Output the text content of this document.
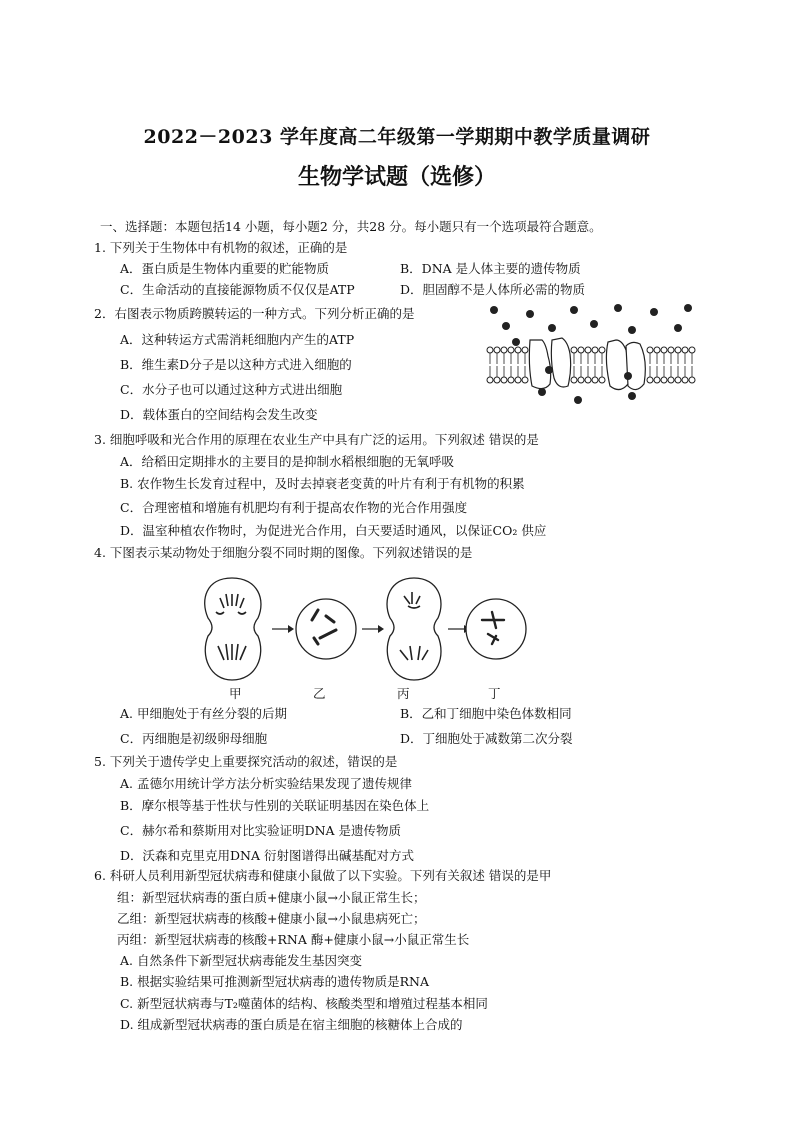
2022－2023 学年度高二年级第一学期期中教学质量调研
生物学试题（选修）
一、选择题：本题包括14 小题，每小题2 分，共28 分。每小题只有一个选项最符合题意。
1. 下列关于生物体中有机物的叙述，正确的是
A．蛋白质是生物体内重要的贮能物质	B．DNA 是人体主要的遗传物质
C．生命活动的直接能源物质不仅仅是ATP	D．胆固醇不是人体所必需的物质
2．右图表示物质跨膜转运的一种方式。下列分析正确的是
A．这种转运方式需消耗细胞内产生的ATP
B．维生素D分子是以这种方式进入细胞的
C．水分子也可以通过这种方式进出细胞
D．载体蛋白的空间结构会发生改变
3. 细胞呼吸和光合作用的原理在农业生产中具有广泛的运用。下列叙述 错误的是
A．给稻田定期排水的主要目的是抑制水稻根细胞的无氧呼吸
B. 农作物生长发育过程中，及时去掉衰老变黄的叶片有利于有机物的积累
C．合理密植和增施有机肥均有利于提高农作物的光合作用强度
D．温室种植农作物时，为促进光合作用，白天要适时通风，以保证CO₂ 供应
4. 下图表示某动物处于细胞分裂不同时期的图像。下列叙述错误的是
甲	乙	丙	丁
A. 甲细胞处于有丝分裂的后期	B．乙和丁细胞中染色体数相同
C．丙细胞是初级卵母细胞	D．丁细胞处于减数第二次分裂
5. 下列关于遗传学史上重要探究活动的叙述，错误的是
A. 孟德尔用统计学方法分析实验结果发现了遗传规律
B．摩尔根等基于性状与性别的关联证明基因在染色体上
C．赫尔希和蔡斯用对比实验证明DNA 是遗传物质
D．沃森和克里克用DNA 衍射图谱得出碱基配对方式
6. 科研人员利用新型冠状病毒和健康小鼠做了以下实验。下列有关叙述 错误的是甲
组：新型冠状病毒的蛋白质+健康小鼠→小鼠正常生长；
乙组：新型冠状病毒的核酸+健康小鼠→小鼠患病死亡；
丙组：新型冠状病毒的核酸+RNA 酶+健康小鼠→小鼠正常生长
A. 自然条件下新型冠状病毒能发生基因突变
B. 根据实验结果可推测新型冠状病毒的遗传物质是RNA
C. 新型冠状病毒与T₂噬菌体的结构、核酸类型和增殖过程基本相同
D. 组成新型冠状病毒的蛋白质是在宿主细胞的核糖体上合成的
